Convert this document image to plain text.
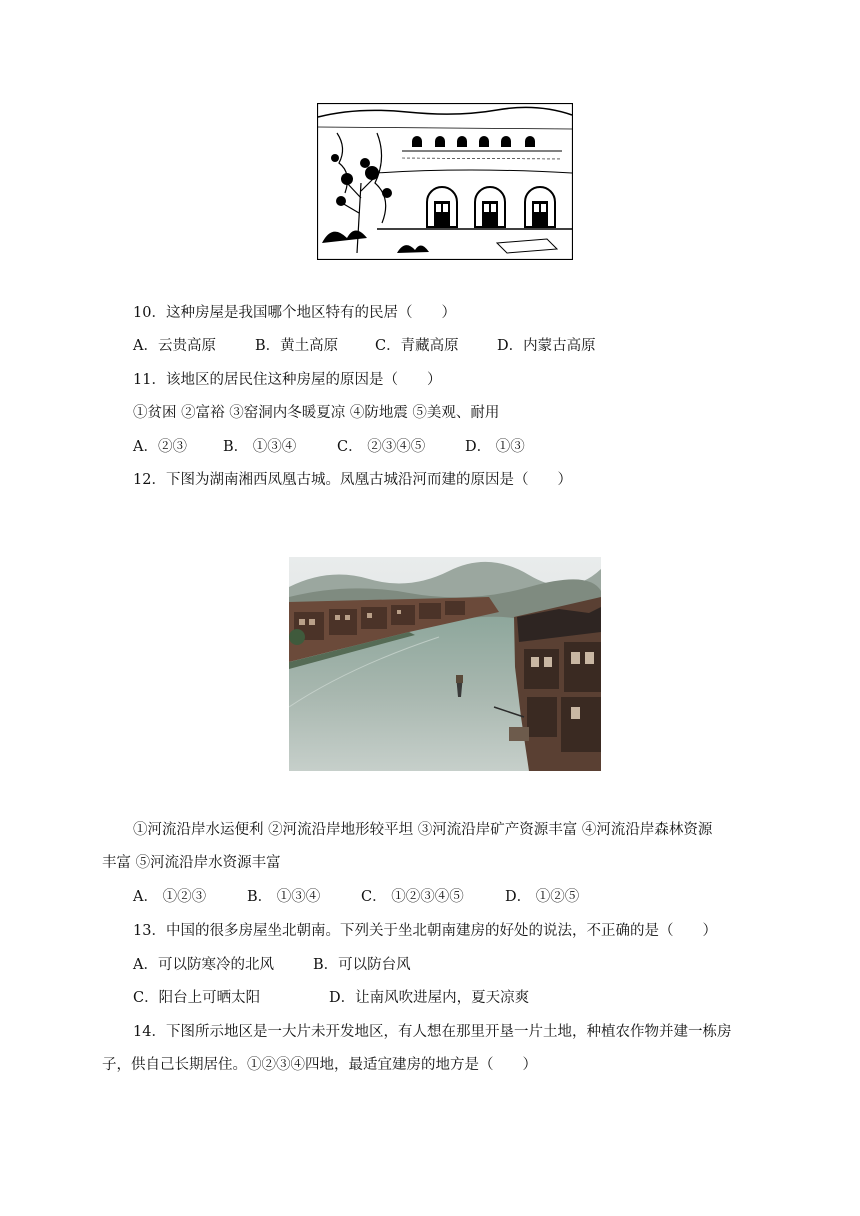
10．这种房屋是我国哪个地区特有的民居（　　）
A．云贵高原	B．黄土高原	C．青藏高原	D．内蒙古高原
11．该地区的居民住这种房屋的原因是（　　）
①贫困 ②富裕 ③窑洞内冬暖夏凉 ④防地震 ⑤美观、耐用
A．②③ B． ①③④	C． ②③④⑤	D． ①③
12．下图为湖南湘西凤凰古城。凤凰古城沿河而建的原因是（　　）
①河流沿岸水运便利 ②河流沿岸地形较平坦 ③河流沿岸矿产资源丰富 ④河流沿岸森林资源
丰富 ⑤河流沿岸水资源丰富
A． ①②③	B． ①③④	C． ①②③④⑤	D． ①②⑤
13．中国的很多房屋坐北朝南。下列关于坐北朝南建房的好处的说法，不正确的是（　　）
A．可以防寒冷的北风	B．可以防台风
C．阳台上可晒太阳	D．让南风吹进屋内，夏天凉爽
14．下图所示地区是一大片未开发地区，有人想在那里开垦一片土地，种植农作物并建一栋房
子，供自己长期居住。①②③④四地，最适宜建房的地方是（　　）
